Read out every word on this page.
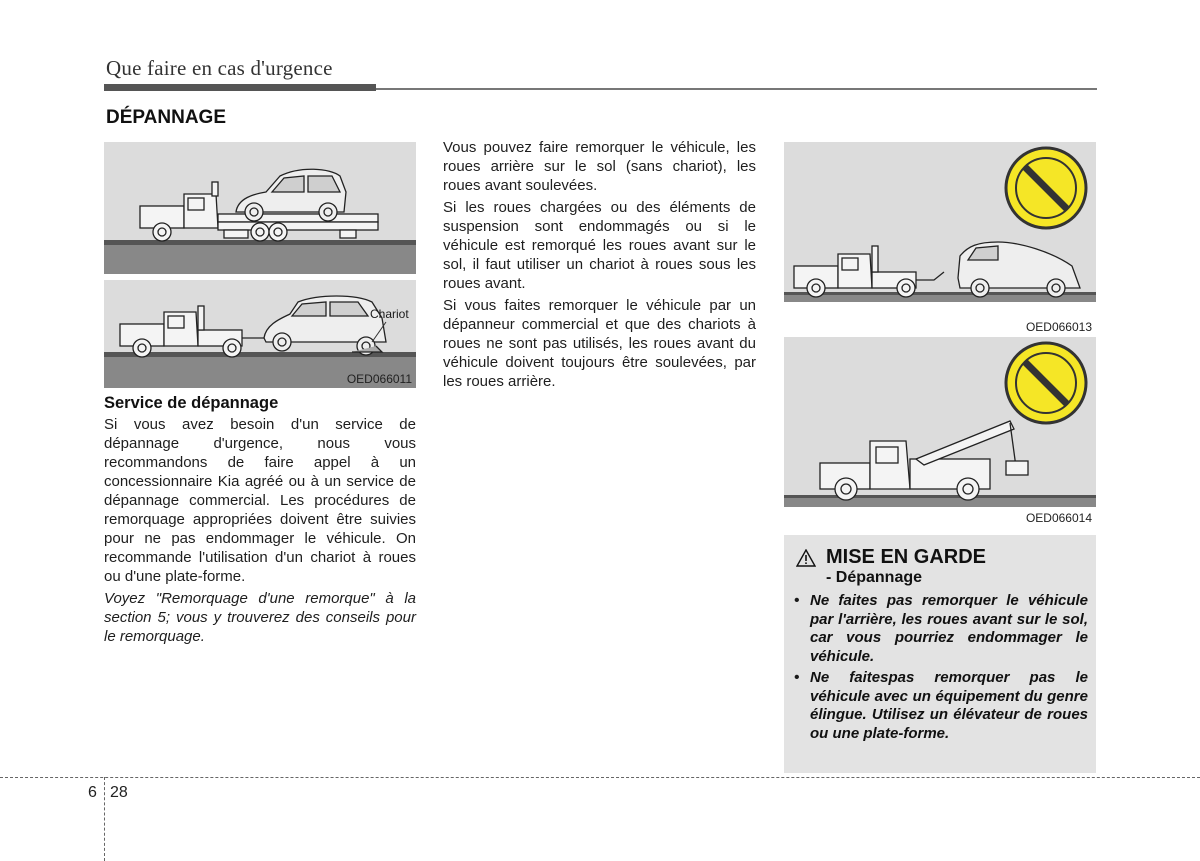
Que faire en cas d'urgence
DÉPANNAGE
Chariot
OED066011
Service de dépannage

Si vous avez besoin d'un service de dépannage d'urgence, nous vous recommandons de faire appel à un concessionnaire Kia agréé ou à un service de dépannage commercial. Les procédures de remorquage appropriées doivent être suivies pour ne pas endommager le véhicule. On recommande l'utilisation d'un chariot à roues ou d'une plate-forme.

Voyez "Remorquage d'une remorque" à la section 5; vous y trouverez des conseils pour le remorquage.

Vous pouvez faire remorquer le véhicule, les roues arrière sur le sol (sans chariot), les roues avant soulevées.

Si les roues chargées ou des éléments de suspension sont endommagés ou si le véhicule est remorqué les roues avant sur le sol, il faut utiliser un chariot à roues sous les roues avant.

Si vous faites remorquer le véhicule par un dépanneur commercial et que des chariots à roues ne sont pas utilisés, les roues avant du véhicule doivent toujours être soulevées, par les roues arrière.

OED066013
OED066014
MISE EN GARDE
- Dépannage
• Ne faites pas remorquer le véhicule par l'arrière, les roues avant sur le sol, car vous pourriez endommager le véhicule.
• Ne faitespas remorquer pas le véhicule avec un équipement du genre élingue. Utilisez un élévateur de roues ou une plate-forme.
6 28
